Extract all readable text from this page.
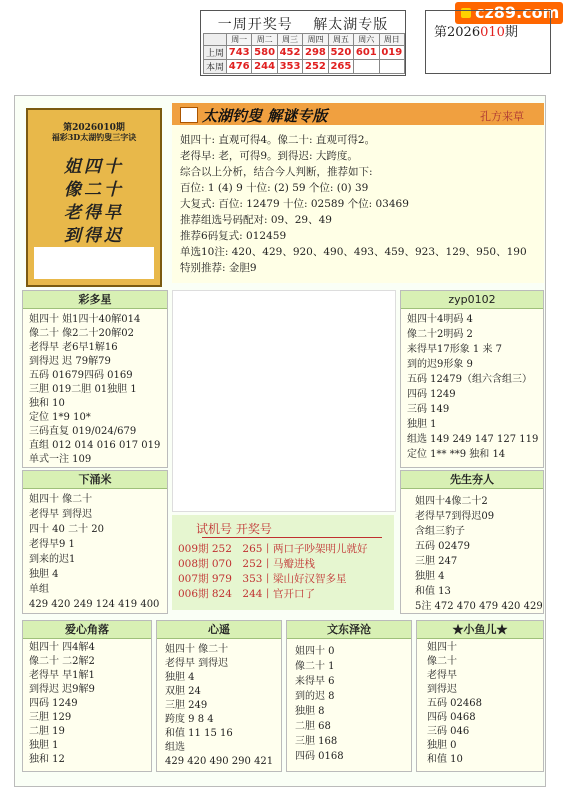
cz89.com
一周开奖号　 解太湖专版
	周一	周二	周三	周四	周五	周六	周日
上周	743	580	452	298	520	601	019
本周	476	244	353	252	265		
第2026010期
第2026010期
福彩3D太湖钓叟三字诀
姐四十
像二十
老得早
到得迟
太湖钓叟 解谜专版	孔方来草
姐四十: 直观可得4。像二十: 直观可得2。
老得早: 老，可得9。到得迟: 大跨度。
综合以上分析，结合今人判断，推荐如下:
百位: 1 (4) 9 十位: (2) 59 个位: (0) 39
大复式: 百位: 12479 十位: 02589 个位: 03469
推荐组选号码配对: 09、29、49
推荐6码复式: 012459
单选10注: 420、429、920、490、493、459、923、129、950、190
特别推荐: 金胆9
彩多星
姐四十 姐1四十40解014
像二十 像2二十20解02
老得早 老6早1解16
到得迟 迟 79解79
五码 01679四码 0169
三胆 019二胆 01独胆 1
独和 10
定位 1*9 10*
三码直复 019/024/679
直组 012 014 016 017 019
单式一注 109
zyp0102
姐四十4明码 4
像二十2明码 2
来得早17形象 1 来 7
到的迟9形象 9
五码 12479（组六含组三）
四码 1249
三码 149
独胆 1
组选 149 249 147 127 119
定位 1** **9 独和 14
下涌米
姐四十 像二十
老得早 到得迟
四十 40 二十 20
老得早9 1
到来的迟1
独胆 4
单组
429 420 249 124 419 400
试机号 开奖号
009期 252　265丨两口子吵架明儿就好
008期 070　252丨马瓣进栈
007期 979　353丨梁山好汉智多星
006期 824　244丨官开口了
先生夯人
姐四十4像二十2
老得早7到得迟09
含组三豹子
五码 02479
三胆 247
独胆 4
和值 13
5注 472 470 479 420 429
爱心角落
姐四十 四4解4
像二十 二2解2
老得早 早1解1
到得迟 迟9解9
四码 1249
三胆 129
二胆 19
独胆 1
独和 12
心遥
姐四十 像二十
老得早 到得迟
独胆 4
双胆 24
三胆 249
跨度 9 8 4
和值 11 15 16
组选
429 420 490 290 421
文东泽沧
姐四十 0
像二十 1
来得早 6
到的迟 8
独胆 8
二胆 68
三胆 168
四码 0168
★小鱼儿★
姐四十
像二十
老得早
到得迟
五码 02468
四码 0468
三码 046
独胆 0
和值 10
